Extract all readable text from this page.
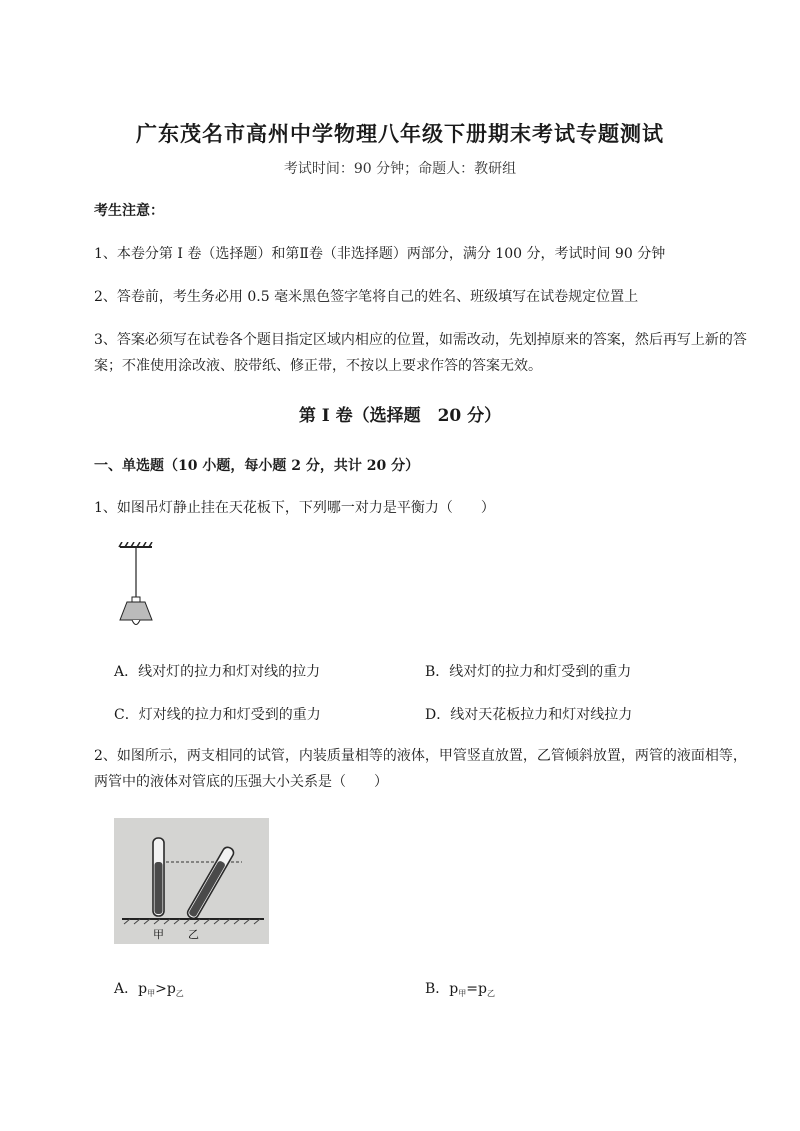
广东茂名市高州中学物理八年级下册期末考试专题测试
考试时间：90 分钟；命题人：教研组
考生注意：
1、本卷分第 I 卷（选择题）和第Ⅱ卷（非选择题）两部分，满分 100 分，考试时间 90 分钟
2、答卷前，考生务必用 0.5 毫米黑色签字笔将自己的姓名、班级填写在试卷规定位置上
3、答案必须写在试卷各个题目指定区域内相应的位置，如需改动，先划掉原来的答案，然后再写上新的答案；不准使用涂改液、胶带纸、修正带，不按以上要求作答的答案无效。
第 I 卷（选择题　20 分）
一、单选题（10 小题，每小题 2 分，共计 20 分）
1、如图吊灯静止挂在天花板下，下列哪一对力是平衡力（　　）
A．线对灯的拉力和灯对线的拉力	B．线对灯的拉力和灯受到的重力
C．灯对线的拉力和灯受到的重力	D．线对天花板拉力和灯对线拉力
2、如图所示，两支相同的试管，内装质量相等的液体，甲管竖直放置，乙管倾斜放置，两管的液面相等，两管中的液体对管底的压强大小关系是（　　）
甲 乙
A．$p_甲>p_乙$	B．$p_甲=p_乙$
